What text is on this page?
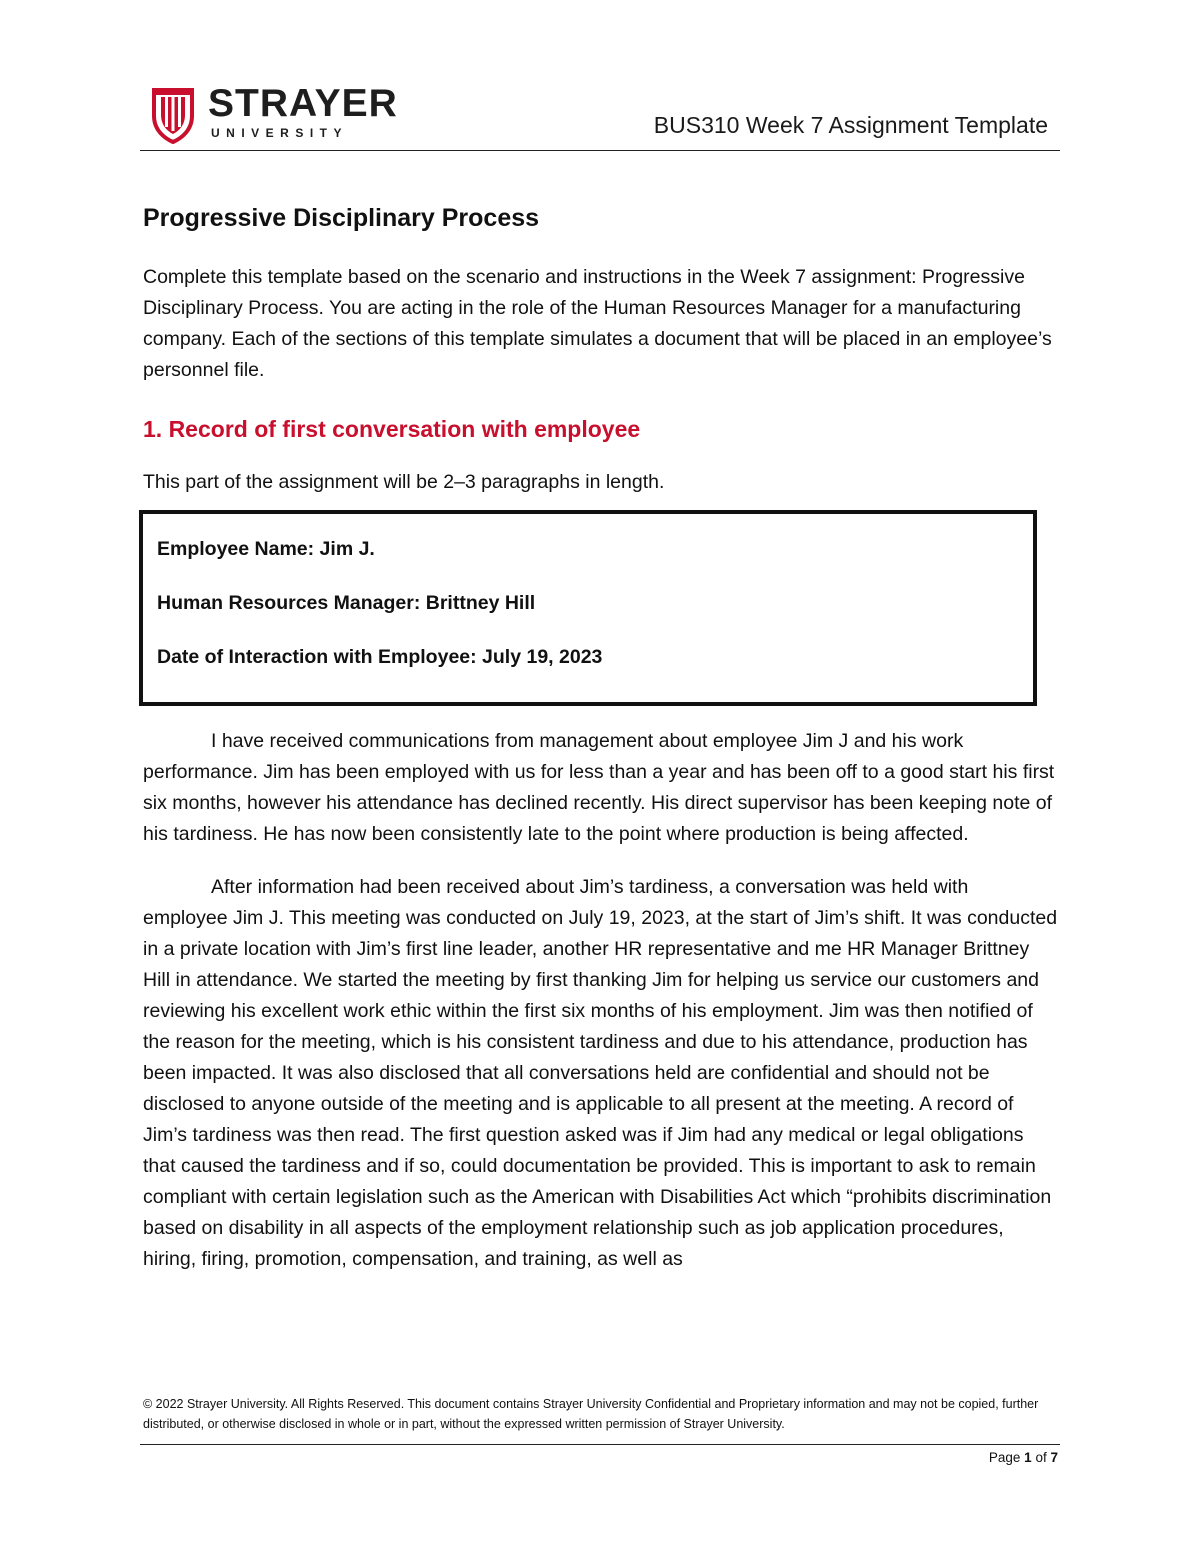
STRAYER
UNIVERSITY	BUS310 Week 7 Assignment Template
Progressive Disciplinary Process

Complete this template based on the scenario and instructions in the Week 7 assignment: Progressive Disciplinary Process. You are acting in the role of the Human Resources Manager for a manufacturing company. Each of the sections of this template simulates a document that will be placed in an employee’s personnel file.

1. Record of first conversation with employee

This part of the assignment will be 2–3 paragraphs in length.

Employee Name: Jim J.

Human Resources Manager: Brittney Hill

Date of Interaction with Employee: July 19, 2023

I have received communications from management about employee Jim J and his work performance. Jim has been employed with us for less than a year and has been off to a good start his first six months, however his attendance has declined recently. His direct supervisor has been keeping note of his tardiness. He has now been consistently late to the point where production is being affected.

After information had been received about Jim’s tardiness, a conversation was held with employee Jim J. This meeting was conducted on July 19, 2023, at the start of Jim’s shift. It was conducted in a private location with Jim’s first line leader, another HR representative and me HR Manager Brittney Hill in attendance. We started the meeting by first thanking Jim for helping us service our customers and reviewing his excellent work ethic within the first six months of his employment. Jim was then notified of the reason for the meeting, which is his consistent tardiness and due to his attendance, production has been impacted. It was also disclosed that all conversations held are confidential and should not be disclosed to anyone outside of the meeting and is applicable to all present at the meeting. A record of Jim’s tardiness was then read. The first question asked was if Jim had any medical or legal obligations that caused the tardiness and if so, could documentation be provided. This is important to ask to remain compliant with certain legislation such as the American with Disabilities Act which “prohibits discrimination based on disability in all aspects of the employment relationship such as job application procedures, hiring, firing, promotion, compensation, and training, as well as

© 2022 Strayer University. All Rights Reserved. This document contains Strayer University Confidential and Proprietary information and may not be copied, further distributed, or otherwise disclosed in whole or in part, without the expressed written permission of Strayer University.
Page 1 of 7
